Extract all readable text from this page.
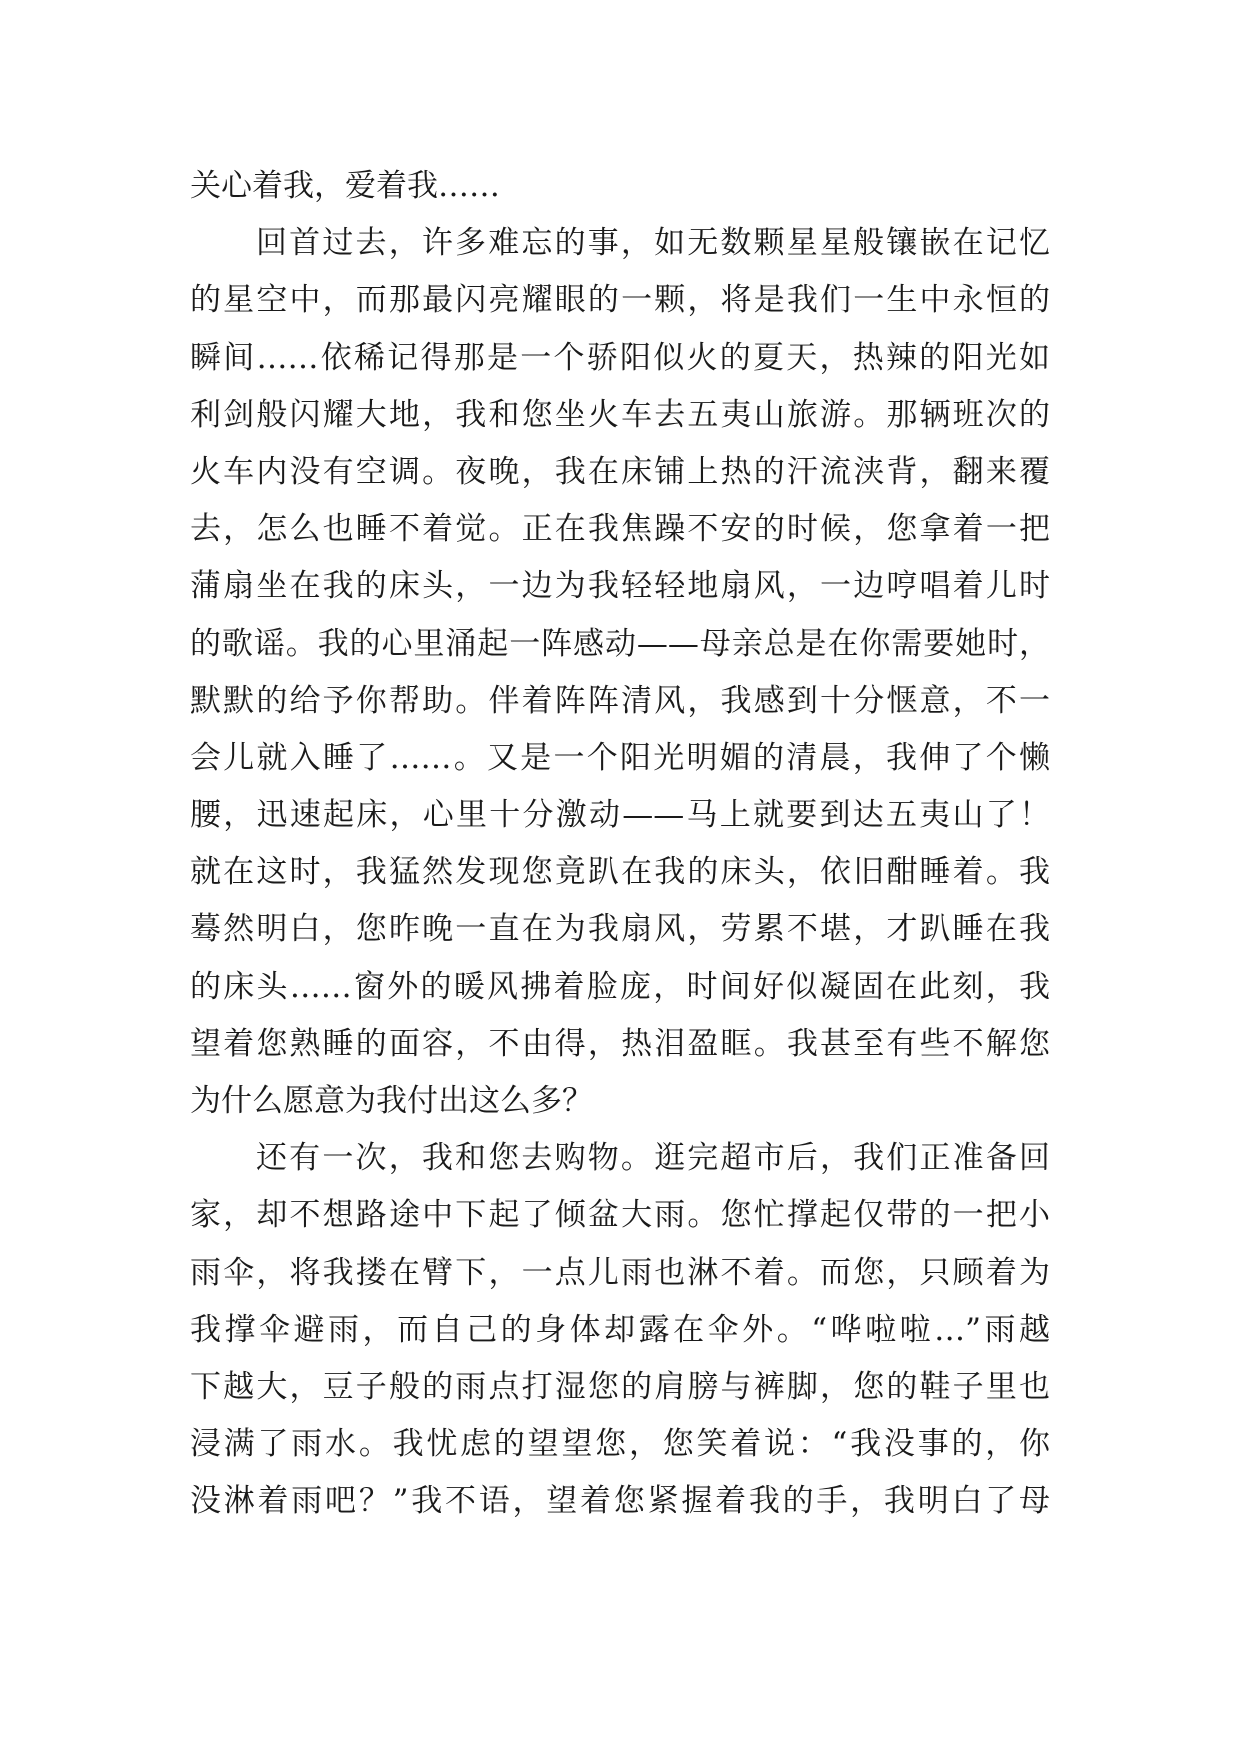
关心着我，爱着我……
回首过去，许多难忘的事，如无数颗星星般镶嵌在记忆
的星空中，而那最闪亮耀眼的一颗，将是我们一生中永恒的
瞬间……依稀记得那是一个骄阳似火的夏天，热辣的阳光如
利剑般闪耀大地，我和您坐火车去五夷山旅游。那辆班次的
火车内没有空调。夜晚，我在床铺上热的汗流浃背，翻来覆
去，怎么也睡不着觉。正在我焦躁不安的时候，您拿着一把
蒲扇坐在我的床头，一边为我轻轻地扇风，一边哼唱着儿时
的歌谣。我的心里涌起一阵感动——母亲总是在你需要她时，
默默的给予你帮助。伴着阵阵清风，我感到十分惬意，不一
会儿就入睡了……。又是一个阳光明媚的清晨，我伸了个懒
腰，迅速起床，心里十分激动——马上就要到达五夷山了！
就在这时，我猛然发现您竟趴在我的床头，依旧酣睡着。我
蓦然明白，您昨晚一直在为我扇风，劳累不堪，才趴睡在我
的床头……窗外的暖风拂着脸庞，时间好似凝固在此刻，我
望着您熟睡的面容，不由得，热泪盈眶。我甚至有些不解您
为什么愿意为我付出这么多？
还有一次，我和您去购物。逛完超市后，我们正准备回
家，却不想路途中下起了倾盆大雨。您忙撑起仅带的一把小
雨伞，将我搂在臂下，一点儿雨也淋不着。而您，只顾着为
我撑伞避雨，而自己的身体却露在伞外。“哗啦啦…”雨越
下越大，豆子般的雨点打湿您的肩膀与裤脚，您的鞋子里也
浸满了雨水。我忧虑的望望您，您笑着说：“我没事的，你
没淋着雨吧？”我不语，望着您紧握着我的手，我明白了母
